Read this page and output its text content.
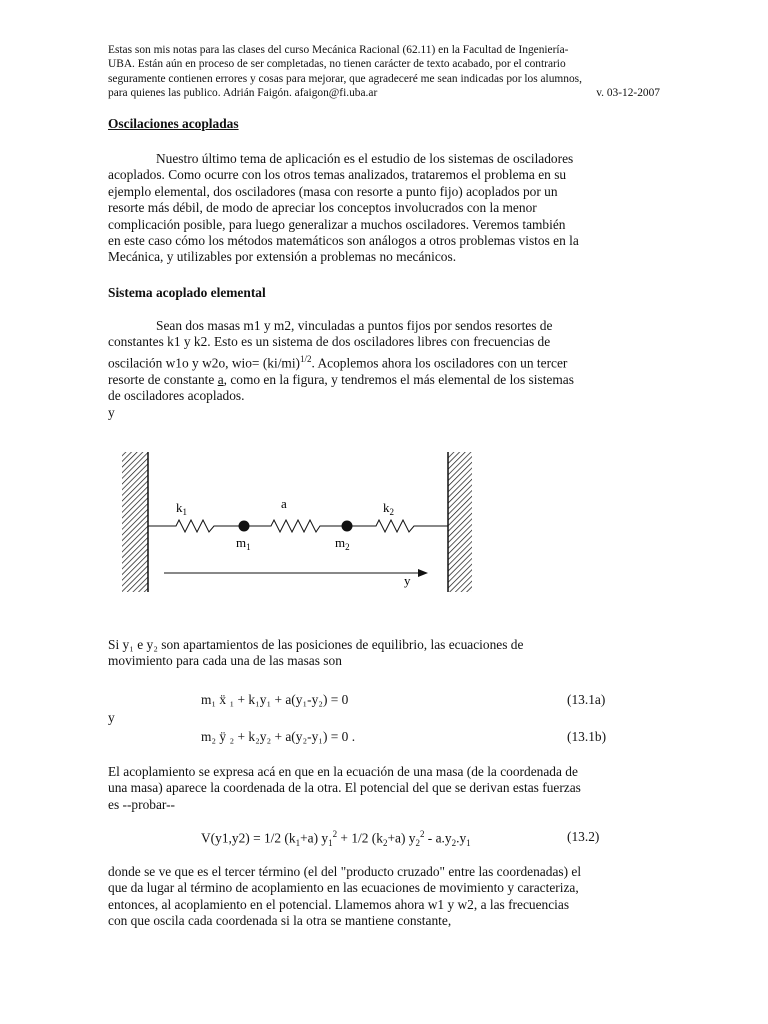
Estas son mis notas para las clases del curso Mecánica Racional (62.11) en la Facultad de Ingeniería-
UBA. Están aún en proceso de ser completadas, no tienen carácter de texto acabado, por el contrario
seguramente contienen errores y cosas para mejorar, que agradeceré me sean indicadas por los alumnos,
para quienes las publico. Adrián Faigón. afaigon@fi.uba.ar	v. 03-12-2007
Oscilaciones acopladas
Nuestro último tema de aplicación es el estudio de los sistemas de osciladores
acoplados. Como ocurre con los otros temas analizados, trataremos el problema en su
ejemplo elemental, dos osciladores (masa con resorte a punto fijo) acoplados por un
resorte más débil, de modo de apreciar los conceptos involucrados con la menor
complicación posible, para luego generalizar a muchos osciladores. Veremos también
en este caso cómo los métodos matemáticos son análogos a otros problemas vistos en la
Mecánica, y utilizables por extensión a problemas no mecánicos.
Sistema acoplado elemental
Sean dos masas m1 y m2, vinculadas a puntos fijos por sendos resortes de
constantes k1 y k2. Esto es un sistema de dos osciladores libres con frecuencias de
oscilación w1o y w2o, $wio= (ki/mi)^{1/2}$. Acoplemos ahora los osciladores con un tercer
resorte de constante a, como en la figura, y tendremos el más elemental de los sistemas
de osciladores acoplados.
y
$k_1$
a	$k_2$
$m_1$	$m_2$
y
Si y₁ e y₂ son apartamientos de las posiciones de equilibrio, las ecuaciones de
movimiento para cada una de las masas son
m₁ ẍ ₁ + k₁y₁ + a(y₁-y₂) = 0	(13.1a)
y
m₂ ÿ ₂ + k₂y₂ + a(y₂-y₁) = 0 .	(13.1b)
El acoplamiento se expresa acá en que en la ecuación de una masa (de la coordenada de
una masa) aparece la coordenada de la otra. El potencial del que se derivan estas fuerzas
es --probar--
V(y1,y2) = 1/2 $(k_1+a) y_1^2 + 1/2$ $(k_2+a)$ $y_2^2 - a.y_2.y_1$	(13.2)
donde se ve que es el tercer término (el del "producto cruzado" entre las coordenadas) el
que da lugar al término de acoplamiento en las ecuaciones de movimiento y caracteriza,
entonces, al acoplamiento en el potencial. Llamemos ahora w1 y w2, a las frecuencias
con que oscila cada coordenada si la otra se mantiene constante,
